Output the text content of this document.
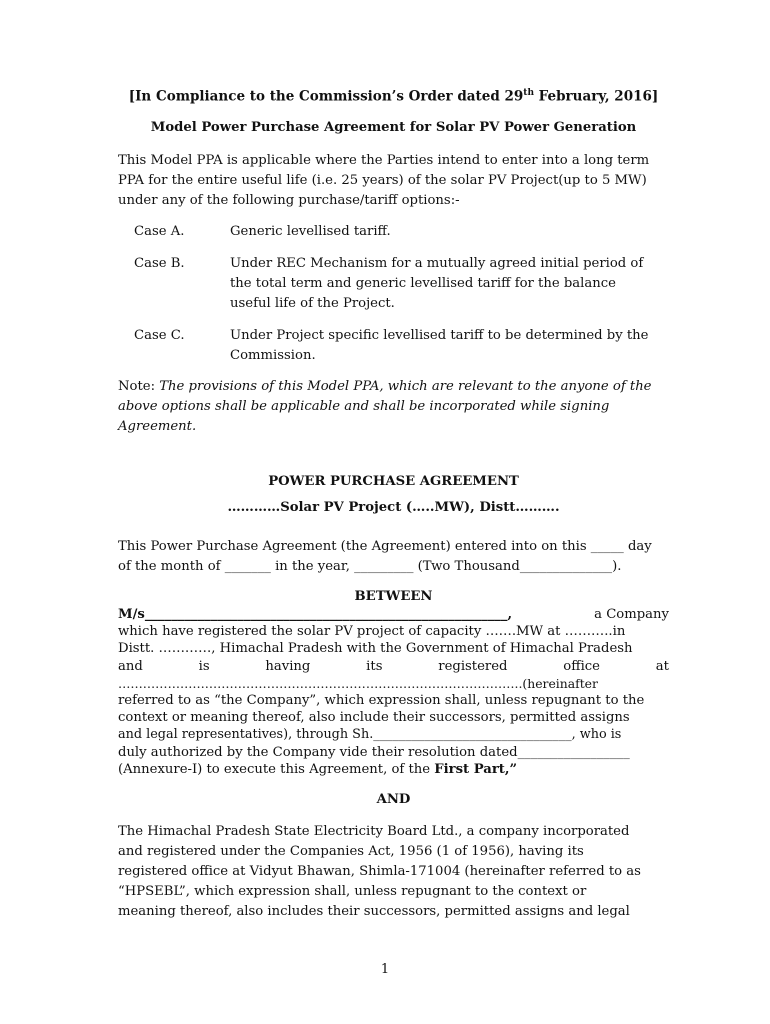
[In Compliance to the Commission’s Order dated 29th February, 2016]
Model Power Purchase Agreement for Solar PV Power Generation
This Model PPA is applicable where the Parties intend to enter into a long term
PPA for the entire useful life (i.e. 25 years) of the solar PV Project(up to 5 MW)
under any of the following purchase/tariff options:-
Case A.	Generic levellised tariff.
Case B.	Under REC Mechanism for a mutually agreed initial period of
the total term and generic levellised tariff for the balance
useful life of the Project.
Case C.	Under Project specific levellised tariff to be determined by the
Commission.
Note: The provisions of this Model PPA, which are relevant to the anyone of the
above options shall be applicable and shall be incorporated while signing
Agreement.
POWER PURCHASE AGREEMENT
…………Solar PV Project (…..MW), Distt……….
This Power Purchase Agreement (the Agreement) entered into on this _____ day
of the month of _______ in the year, _________ (Two Thousand______________).
BETWEEN
M/s_______________________________________________________,	a Company
which have registered the solar PV project of capacity …….MW at ………..in
Distt. …………, Himachal Pradesh with the Government of Himachal Pradesh
and	is	having	its	registered	office	at
……………………………………………………………………………………..(hereinafter
referred to as “the Company”, which expression shall, unless repugnant to the
context or meaning thereof, also include their successors, permitted assigns
and legal representatives), through Sh._______________________________, who is
duly authorized by the Company vide their resolution dated_________________
(Annexure-I) to execute this Agreement, of the First Part,”
AND
The Himachal Pradesh State Electricity Board Ltd., a company incorporated
and registered under the Companies Act, 1956 (1 of 1956), having its
registered office at Vidyut Bhawan, Shimla-171004 (hereinafter referred to as
“HPSEBL”, which expression shall, unless repugnant to the context or
meaning thereof, also includes their successors, permitted assigns and legal
1
